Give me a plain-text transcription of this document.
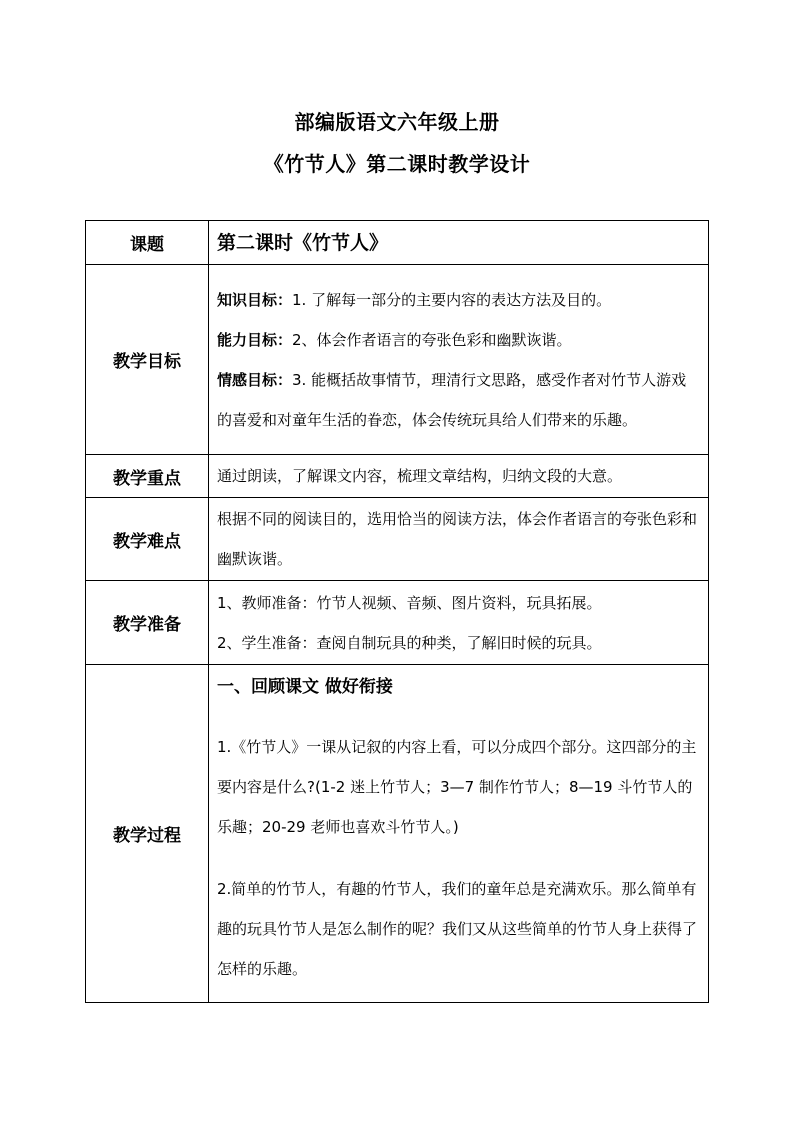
部编版语文六年级上册
《竹节人》第二课时教学设计
课题	第二课时《竹节人》
教学目标	知识目标：1. 了解每一部分的主要内容的表达方法及目的。

能力目标：2、体会作者语言的夸张色彩和幽默诙谐。

情感目标：3. 能概括故事情节，理清行文思路，感受作者对竹节人游戏的喜爱和对童年生活的眷恋，体会传统玩具给人们带来的乐趣。

教学重点	通过朗读，了解课文内容，梳理文章结构，归纳文段的大意。
教学难点	根据不同的阅读目的，选用恰当的阅读方法，体会作者语言的夸张色彩和幽默诙谐。
教学准备	1、教师准备：竹节人视频、音频、图片资料，玩具拓展。

2、学生准备：查阅自制玩具的种类，了解旧时候的玩具。

教学过程	一、回顾课文 做好衔接

1.《竹节人》一课从记叙的内容上看，可以分成四个部分。这四部分的主要内容是什么?(1-2 迷上竹节人；3—7 制作竹节人；8—19 斗竹节人的乐趣；20-29 老师也喜欢斗竹节人。)

2.简单的竹节人，有趣的竹节人，我们的童年总是充满欢乐。那么简单有趣的玩具竹节人是怎么制作的呢？我们又从这些简单的竹节人身上获得了怎样的乐趣。
